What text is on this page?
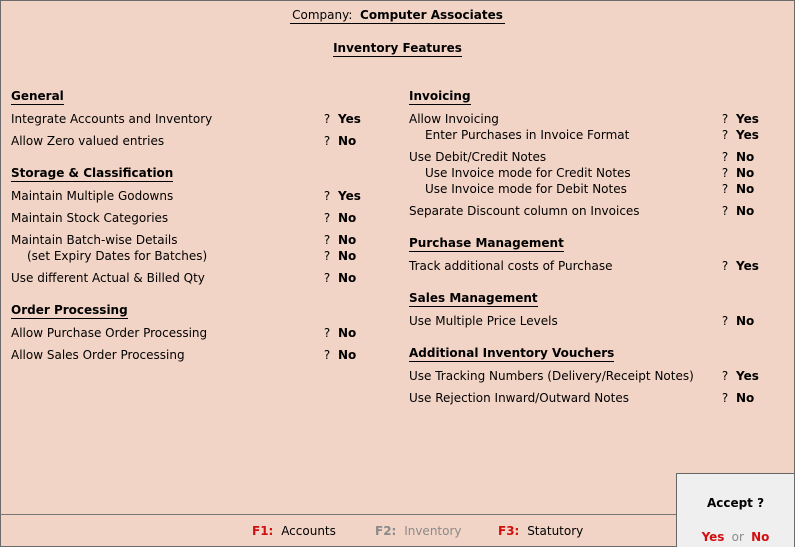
Company: Computer Associates
Inventory Features
General
Integrate Accounts and Inventory	? Yes
Allow Zero valued entries	? No
Storage & Classification
Maintain Multiple Godowns	? Yes
Maintain Stock Categories	? No
Maintain Batch-wise Details	? No
(set Expiry Dates for Batches)	? No
Use different Actual & Billed Qty	? No
Order Processing
Allow Purchase Order Processing	? No
Allow Sales Order Processing	? No
Invoicing
Allow Invoicing	? Yes
Enter Purchases in Invoice Format	? Yes
Use Debit/Credit Notes	? No
Use Invoice mode for Credit Notes	? No
Use Invoice mode for Debit Notes	? No
Separate Discount column on Invoices	? No
Purchase Management
Track additional costs of Purchase	? Yes
Sales Management
Use Multiple Price Levels	? No
Additional Inventory Vouchers
Use Tracking Numbers (Delivery/Receipt Notes) ? Yes
Use Rejection Inward/Outward Notes	? No
F1: Accounts	F2: Inventory	F3: Statutory
Accept ?
Yes or No
